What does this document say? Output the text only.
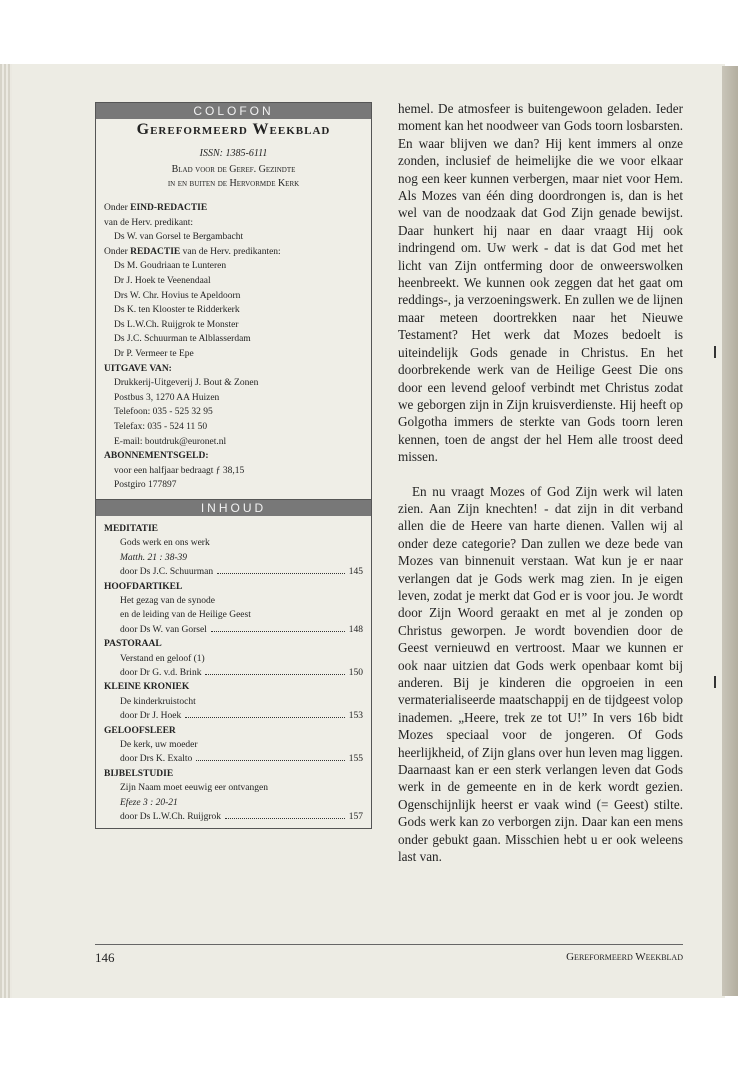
COLOFON
Gereformeerd Weekblad
ISSN: 1385-6111
Blad voor de Geref. Gezindte
in en buiten de Hervormde Kerk
Onder EIND-REDACTIE
van de Herv. predikant:
Ds W. van Gorsel te Bergambacht
Onder REDACTIE van de Herv. predikanten:
Ds M. Goudriaan te Lunteren
Dr J. Hoek te Veenendaal
Drs W. Chr. Hovius te Apeldoorn
Ds K. ten Klooster te Ridderkerk
Ds L.W.Ch. Ruijgrok te Monster
Ds J.C. Schuurman te Alblasserdam
Dr P. Vermeer te Epe
UITGAVE VAN:
Drukkerij-Uitgeverij J. Bout & Zonen
Postbus 3, 1270 AA Huizen
Telefoon: 035 - 525 32 95
Telefax: 035 - 524 11 50
E-mail: boutdruk@euronet.nl
ABONNEMENTSGELD:
voor een halfjaar bedraagt ƒ 38,15
Postgiro 177897
INHOUD
MEDITATIE
Gods werk en ons werk
Matth. 21 : 38-39
door Ds J.C. Schuurman	145
HOOFDARTIKEL
Het gezag van de synode
en de leiding van de Heilige Geest
door Ds W. van Gorsel	148
PASTORAAL
Verstand en geloof (1)
door Dr G. v.d. Brink	150
KLEINE KRONIEK
De kinderkruistocht
door Dr J. Hoek	153
GELOOFSLEER
De kerk, uw moeder
door Drs K. Exalto	155
BIJBELSTUDIE
Zijn Naam moet eeuwig eer ontvangen
Efeze 3 : 20-21
door Ds L.W.Ch. Ruijgrok	157

hemel. De atmosfeer is buitengewoon geladen. Ieder moment kan het noodweer van Gods toorn losbarsten. En waar blijven we dan? Hij kent immers al onze zonden, inclusief de heimelijke die we voor elkaar nog een keer kunnen verbergen, maar niet voor Hem. Als Mozes van één ding doordrongen is, dan is het wel van de noodzaak dat God Zijn genade bewijst. Daar hunkert hij naar en daar vraagt Hij ook indringend om. Uw werk - dat is dat God met het licht van Zijn ontferming door de onweerswolken heenbreekt. We kunnen ook zeggen dat het gaat om reddings-, ja verzoeningswerk. En zullen we de lijnen maar meteen doortrekken naar het Nieuwe Testament? Het werk dat Mozes bedoelt is uiteindelijk Gods genade in Christus. En het doorbrekende werk van de Heilige Geest Die ons door een levend geloof verbindt met Christus zodat we geborgen zijn in Zijn kruisverdienste. Hij heeft op Golgotha immers de sterkte van Gods toorn leren kennen, toen de angst der hel Hem alle troost deed missen.

En nu vraagt Mozes of God Zijn werk wil laten zien. Aan Zijn knechten! - dat zijn in dit verband allen die de Heere van harte dienen. Vallen wij al onder deze categorie? Dan zullen we deze bede van Mozes van binnenuit verstaan. Wat kun je er naar verlangen dat je Gods werk mag zien. In je eigen leven, zodat je merkt dat God er is voor jou. Je wordt door Zijn Woord geraakt en met al je zonden op Christus geworpen. Je wordt bovendien door de Geest vernieuwd en vertroost. Maar we kunnen er ook naar uitzien dat Gods werk openbaar komt bij anderen. Bij je kinderen die opgroeien in een vermaterialiseerde maatschappij en de tijdgeest volop inademen. „Heere, trek ze tot U!” In vers 16b bidt Mozes speciaal voor de jongeren. Of Gods heerlijkheid, of Zijn glans over hun leven mag liggen. Daarnaast kan er een sterk verlangen leven dat Gods werk in de gemeente en in de kerk wordt gezien. Ogenschijnlijk heerst er vaak wind (= Geest) stilte. Gods werk kan zo verborgen zijn. Daar kan een mens onder gebukt gaan. Misschien hebt u er ook weleens last van.

146	Gereformeerd Weekblad
